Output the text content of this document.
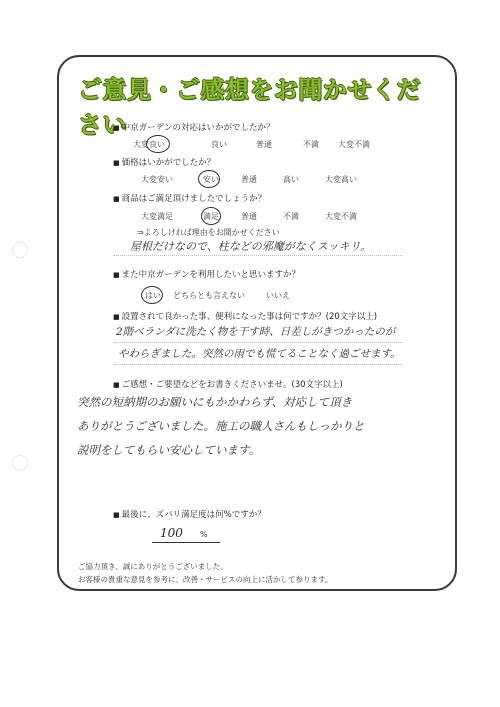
ご意見・ご感想をお聞かせください
■ 中京ガーデンの対応はいかがでしたか？
大変良い	良い	普通	不満 大変不満
■ 価格はいかがでしたか？
大変安い	安い	普通	高い	大変高い
■ 商品はご満足頂けましたでしょうか？
大変満足	満足	普通	不満	大変不満
⇒よろしければ理由をお聞かせください
屋根だけなので、柱などの邪魔がなくスッキリ。
■ また中京ガーデンを利用したいと思いますか？
はい どちらとも言えない	いいえ
■ 設置されて良かった事、便利になった事は何ですか？(20文字以上)
2階ベランダに洗たく物を干す時、日差しがきつかったのが
やわらぎました。突然の雨でも慌てることなく過ごせます。
■ ご感想・ご要望などをお書きくださいませ。(30文字以上)
突然の短納期のお願いにもかかわらず、対応して頂き
ありがとうございました。施工の職人さんもしっかりと
説明をしてもらい安心しています。
■ 最後に、ズバリ満足度は何%ですか？
100 %
ご協力頂き、誠にありがとうございました。
お客様の貴重な意見を参考に、改善・サービスの向上に活かして参ります。
